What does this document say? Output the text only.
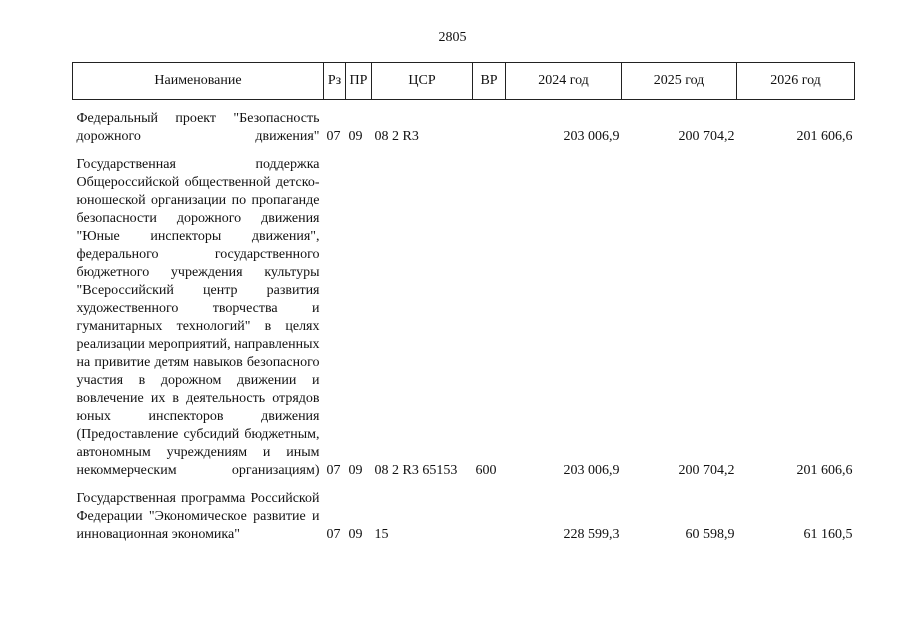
2805
Наименование	Рз	ПР	ЦСР	ВР	2024 год	2025 год	2026 год
Федеральный проект "Безопасность дорожного движения"	07	09	08 2 R3		203 006,9	200 704,2	201 606,6
Государственная поддержка Общероссийской общественной детско-юношеской организации по пропаганде безопасности дорожного движения "Юные инспекторы движения", федерального государственного бюджетного учреждения культуры "Всероссийский центр развития художественного творчества и гуманитарных технологий" в целях реализации мероприятий, направленных на привитие детям навыков безопасного участия в дорожном движении и вовлечение их в деятельность отрядов юных инспекторов движения (Предоставление субсидий бюджетным, автономным учреждениям и иным некоммерческим организациям)	07	09	08 2 R3 65153	600	203 006,9	200 704,2	201 606,6
Государственная программа Российской Федерации "Экономическое развитие и инновационная экономика"	07	09	15		228 599,3	60 598,9	61 160,5
